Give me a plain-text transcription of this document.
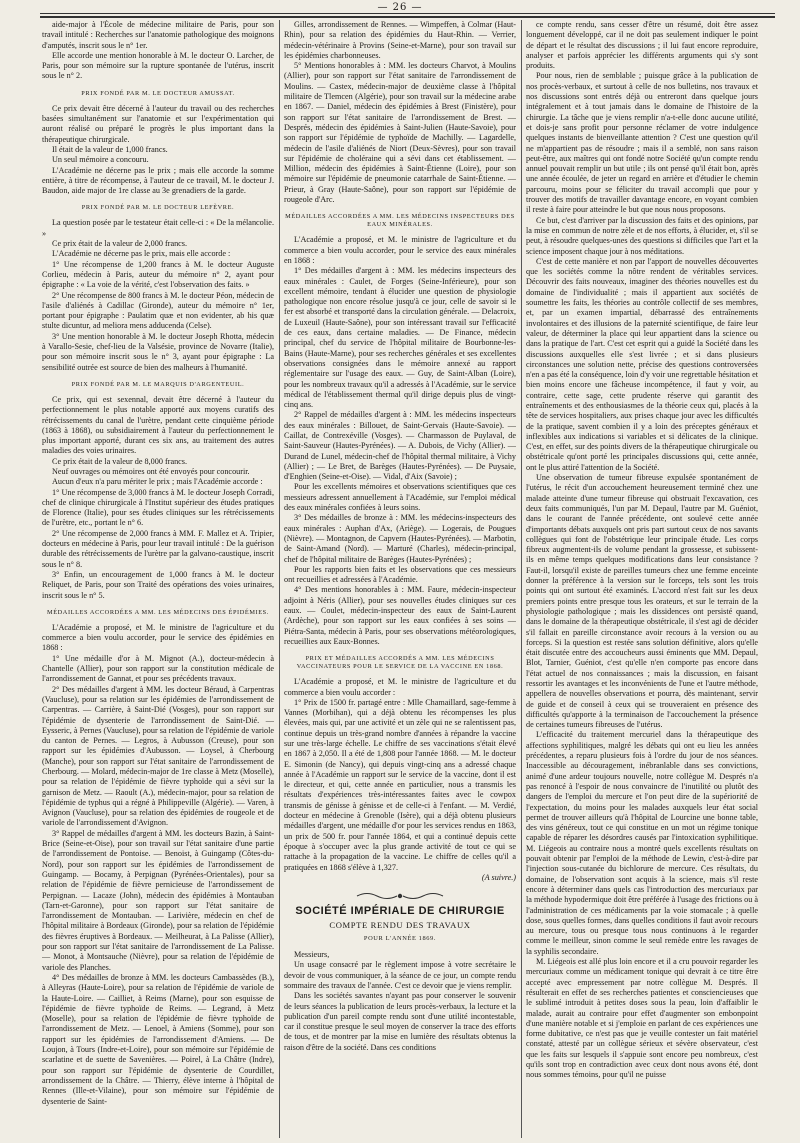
— 26 —

aide-major à l'École de médecine militaire de Paris, pour son travail intitulé : Recherches sur l'anatomie pathologique des moignons d'amputés, inscrit sous le n° 1er.

Elle accorde une mention honorable à M. le docteur O. Larcher, de Paris, pour son mémoire sur la rupture spontanée de l'utérus, inscrit sous le n° 2.

PRIX FONDÉ PAR M. LE DOCTEUR AMUSSAT.

Ce prix devait être décerné à l'auteur du travail ou des recherches basées simultanément sur l'anatomie et sur l'expérimentation qui auront réalisé ou préparé le progrès le plus important dans la thérapeutique chirurgicale.

Il était de la valeur de 1,000 francs.

Un seul mémoire a concouru.

L'Académie ne décerne pas le prix ; mais elle accorde la somme entière, à titre de récompense, à l'auteur de ce travail, M. le docteur J. Baudon, aide major de 1re classe au 3e grenadiers de la garde.

PRIX FONDÉ PAR M. LE DOCTEUR LEFÈVRE.

La question posée par le testateur était celle-ci : « De la mélancolie. »

Ce prix était de la valeur de 2,000 francs.

L'Académie ne décerne pas le prix, mais elle accorde :

1° Une récompense de 1,200 francs à M. le docteur Auguste Corlieu, médecin à Paris, auteur du mémoire n° 2, ayant pour épigraphe : « La voie de la vérité, c'est l'observation des faits. »

2° Une récompense de 800 francs à M. le docteur Péon, médecin de l'asile d'aliénés à Cadillac (Gironde), auteur du mémoire n° 1er, portant pour épigraphe : Paulatim quæ et non evidenter, ab his quæ stulte dicuntur, ad meliora mens adducenda (Celse).

3° Une mention honorable à M. le docteur Joseph Rhotta, médecin à Varallo-Sesie, chef-lieu de la Valsésie, province de Novarre (Italie), pour son mémoire inscrit sous le n° 3, ayant pour épigraphe : La sensibilité outrée est source de bien des malheurs à l'humanité.

PRIX FONDÉ PAR M. LE MARQUIS D'ARGENTEUIL.

Ce prix, qui est sexennal, devait être décerné à l'auteur du perfectionnement le plus notable apporté aux moyens curatifs des rétrécissements du canal de l'urètre, pendant cette cinquième période (1863 à 1868), ou subsidiairement à l'auteur du perfectionnement le plus important apporté, durant ces six ans, au traitement des autres maladies des voies urinaires.

Ce prix était de la valeur de 8,000 francs.

Neuf ouvrages ou mémoires ont été envoyés pour concourir.

Aucun d'eux n'a paru mériter le prix ; mais l'Académie accorde :

1° Une récompense de 3,000 francs à M. le docteur Joseph Corradi, chef de clinique chirurgicale à l'Institut supérieur des études pratiques de Florence (Italie), pour ses études cliniques sur les rétrécissements de l'urètre, etc., portant le n° 6.

2° Une récompense de 2,000 francs à MM. F. Mallez et A. Tripier, docteurs en médecine à Paris, pour leur travail intitulé : De la guérison durable des rétrécissements de l'urètre par la galvano-caustique, inscrit sous le n° 8.

3° Enfin, un encouragement de 1,000 francs à M. le docteur Reliquet, de Paris, pour son Traité des opérations des voies urinaires, inscrit sous le n° 5.

MÉDAILLES ACCORDÉES A MM. LES MÉDECINS DES ÉPIDÉMIES.

L'Académie a proposé, et M. le ministre de l'agriculture et du commerce a bien voulu accorder, pour le service des épidémies en 1868 :

1° Une médaille d'or à M. Mignot (A.), docteur-médecin à Chantelle (Allier), pour son rapport sur la constitution médicale de l'arrondissement de Gannat, et pour ses précédents travaux.

2° Des médailles d'argent à MM. les docteur Béraud, à Carpentras (Vaucluse), pour sa relation sur les épidémies de l'arrondissement de Carpentras. — Carrière, à Saint-Dié (Vosges), pour son rapport sur l'épidémie de dysenterie de l'arrondissement de Saint-Dié. — Eysseric, à Pernes (Vaucluse), pour sa relation de l'épidémie de variole du canton de Pernes. — Legros, à Aubusson (Creuse), pour son rapport sur les épidémies d'Aubusson. — Loysel, à Cherbourg (Manche), pour son rapport sur l'état sanitaire de l'arrondissement de Cherbourg. — Molard, médecin-major de 1re classe à Metz (Moselle), pour sa relation de l'épidémie de fièvre typhoïde qui a sévi sur la garnison de Metz. — Raoult (A.), médecin-major, pour sa relation de l'épidémie de typhus qui a régné à Philippeville (Algérie). — Varen, à Avignon (Vaucluse), pour sa relation des épidémies de rougeole et de variole de l'arrondissement d'Avignon.

3° Rappel de médailles d'argent à MM. les docteurs Bazin, à Saint-Brice (Seine-et-Oise), pour son travail sur l'état sanitaire d'une partie de l'arrondissement de Pontoise. — Benoist, à Guingamp (Côtes-du-Nord), pour son rapport sur les épidémies de l'arrondissement de Guingamp. — Bocamy, à Perpignan (Pyrénées-Orientales), pour sa relation de l'épidémie de fièvre pernicieuse de l'arrondissement de Perpignan. — Lacaze (John), médecin des épidémies à Montauban (Tarn-et-Garonne), pour son rapport sur l'état sanitaire de l'arrondissement de Montauban. — Larivière, médecin en chef de l'hôpital militaire à Bordeaux (Gironde), pour sa relation de l'épidémie des fièvres éruptives à Bordeaux. — Meilheurat, à La Palisse (Allier), pour son rapport sur l'état sanitaire de l'arrondissement de La Palisse. — Monot, à Montsauche (Nièvre), pour sa relation de l'épidémie de variole des Planches.

4° Des médailles de bronze à MM. les docteurs Cambassèdes (B.), à Alleyras (Haute-Loire), pour sa relation de l'épidémie de variole de la Haute-Loire. — Cailliet, à Reims (Marne), pour son esquisse de l'épidémie de fièvre typhoïde de Reims. — Legrand, à Metz (Moselle), pour sa relation de l'épidémie de fièvre typhoïde de l'arrondissement de Metz. — Lenoel, à Amiens (Somme), pour son rapport sur les épidémies de l'arrondissement d'Amiens. — De Loujon, à Tours (Indre-et-Loire), pour son mémoire sur l'épidémie de scarlatine et de suette de Savenières. — Poirel, à La Châtre (Indre), pour son rapport sur l'épidémie de dysenterie de Courdillet, arrondissement de la Châtre. — Thierry, élève interne à l'hôpital de Rennes (Ille-et-Vilaine), pour son mémoire sur l'épidémie de dysenterie de Saint-

Gilles, arrondissement de Rennes. — Wimpeffen, à Colmar (Haut-Rhin), pour sa relation des épidémies du Haut-Rhin. — Verrier, médecin-vétérinaire à Provins (Seine-et-Marne), pour son travail sur les épidémies charbonneuses.

5° Mentions honorables à : MM. les docteurs Charvot, à Moulins (Allier), pour son rapport sur l'état sanitaire de l'arrondissement de Moulins. — Castex, médecin-major de deuxième classe à l'hôpital militaire de Tlemcen (Algérie), pour son travail sur la médecine arabe en 1867. — Daniel, médecin des épidémies à Brest (Finistère), pour son rapport sur l'état sanitaire de l'arrondissement de Brest. — Després, médecin des épidémies à Saint-Julien (Haute-Savoie), pour son rapport sur l'épidémie de typhoïde de Machilly. — Lagardelle, médecin de l'asile d'aliénés de Niort (Deux-Sèvres), pour son travail sur l'épidémie de choléraine qui a sévi dans cet établissement. — Million, médecin des épidémies à Saint-Étienne (Loire), pour son mémoire sur l'épidémie de pneumonie catarrhale de Saint-Étienne. — Prieur, à Gray (Haute-Saône), pour son rapport sur l'épidémie de rougeole d'Arc.

MÉDAILLES ACCORDÉES A MM. LES MÉDECINS INSPECTEURS DES EAUX MINÉRALES.

L'Académie a proposé, et M. le ministre de l'agriculture et du commerce a bien voulu accorder, pour le service des eaux minérales en 1868 :

1° Des médailles d'argent à : MM. les médecins inspecteurs des eaux minérales : Caulet, de Forges (Seine-Inférieure), pour son excellent mémoire, tendant à élucider une question de physiologie pathologique non encore résolue jusqu'à ce jour, celle de savoir si le fer est absorbé et transporté dans la circulation générale. — Delacroix, de Luxeuil (Haute-Saône), pour son intéressant travail sur l'efficacité de ces eaux, dans certaine maladies. — De Finance, médecin principal, chef du service de l'hôpital militaire de Bourbonne-les-Bains (Haute-Marne), pour ses recherches générales et ses excellentes observations consignées dans le mémoire annexé au rapport réglementaire sur l'usage des eaux. — Guy, de Saint-Alban (Loire), pour les nombreux travaux qu'il a adressés à l'Académie, sur le service médical de l'établissement thermal qu'il dirige depuis plus de vingt-cinq ans.

2° Rappel de médailles d'argent à : MM. les médecins inspecteurs des eaux minérales : Billouet, de Saint-Gervais (Haute-Savoie). — Caillat, de Contrexéville (Vosges). — Charmasson de Puylaval, de Saint-Sauveur (Hautes-Pyrénées). — A. Dubois, de Vichy (Allier). — Durand de Lunel, médecin-chef de l'hôpital thermal militaire, à Vichy (Allier) ; — Le Bret, de Barèges (Hautes-Pyrénées). — De Puysaie, d'Enghien (Seine-et-Oise). — Vidal, d'Aix (Savoie) ;

Pour les excellents mémoires et observations scientifiques que ces messieurs adressent annuellement à l'Académie, sur l'emploi médical des eaux minérales confiées à leurs soins.

3° Des médailles de bronze à : MM. les médecins-inspecteurs des eaux minérales : Auphan d'Ax, (Ariège). — Logerais, de Pougues (Nièvre). — Montagnon, de Capvern (Hautes-Pyrénées). — Marbotin, de Saint-Amand (Nord). — Marturé (Charles), médecin-principal, chef de l'hôpital militaire de Barèges (Hautes-Pyrénées) ;

Pour les rapports bien faits et les observations que ces messieurs ont recueillies et adressées à l'Académie.

4° Des mentions honorables à : MM. Faure, médecin-inspecteur adjoint à Néris (Allier), pour ses nouvelles études cliniques sur ces eaux. — Coulet, médecin-inspecteur des eaux de Saint-Laurent (Ardèche), pour son rapport sur les eaux confiées à ses soins — Piétra-Santa, médecin à Paris, pour ses observations météorologiques, recueillies aux Eaux-Bonnes.

PRIX ET MÉDAILLES ACCORDÉS A MM. LES MÉDECINS VACCINATEURS POUR LE SERVICE DE LA VACCINE EN 1868.

L'Académie a proposé, et M. le ministre de l'agriculture et du commerce a bien voulu accorder :

1° Prix de 1500 fr. partagé entre : Mlle Chamaillard, sage-femme à Vannes (Morbihan), qui a déjà obtenu les récompenses les plus élevées, mais qui, par une activité et un zèle qui ne se ralentissent pas, continue depuis un très-grand nombre d'années à répandre la vaccine sur une très-large échelle. Le chiffre de ses vaccinations s'était élevé en 1867 à 2,050. Il a été de 1,808 pour l'année 1868. — M. le docteur E. Simonin (de Nancy), qui depuis vingt-cinq ans a adressé chaque année à l'Académie un rapport sur le service de la vaccine, dont il est le directeur, et qui, cette année en particulier, nous a transmis les résultats d'expériences très-intéressantes faites avec le cowpox transmis de génisse à génisse et de celle-ci à l'enfant. — M. Verdié, docteur en médecine à Grenoble (Isère), qui a déjà obtenu plusieurs médailles d'argent, une médaille d'or pour les services rendus en 1863, un prix de 500 fr. pour l'année 1864, et qui a continué depuis cette époque à s'occuper avec la plus grande activité de tout ce qui se rattache à la propagation de la vaccine. Le chiffre de celles qu'il a pratiquées en 1868 s'élève à 1,327.

(A suivre.)

SOCIÉTÉ IMPÉRIALE DE CHIRURGIE
COMPTE RENDU DES TRAVAUX

POUR L'ANNÉE 1869.

Messieurs,

Un usage consacré par le règlement impose à votre secrétaire le devoir de vous communiquer, à la séance de ce jour, un compte rendu sommaire des travaux de l'année. C'est ce devoir que je viens remplir.

Dans les sociétés savantes n'ayant pas pour conserver le souvenir de leurs séances la publication de leurs procès-verbaux, la lecture et la publication d'un pareil compte rendu sont d'une utilité incontestable, car il constitue presque le seul moyen de conserver la trace des efforts de tous, et de montrer par la mise en lumière des résultats obtenus la raison d'être de la société. Dans ces conditions

ce compte rendu, sans cesser d'être un résumé, doit être assez longuement développé, car il ne doit pas seulement indiquer le point de départ et le résultat des discussions ; il lui faut encore reproduire, analyser et parfois apprécier les différents arguments qui s'y sont produits.

Pour nous, rien de semblable ; puisque grâce à la publication de nos procès-verbaux, et surtout à celle de nos bulletins, nos travaux et nos discussions sont entrés déjà ou entreront dans quelque jours intégralement et à tout jamais dans le domaine de l'histoire de la chirurgie. La tâche que je viens remplir n'a-t-elle donc aucune utilité, et dois-je sans profit pour personne réclamer de votre indulgence quelques instants de bienveillante attention ? C'est une question qu'il ne m'appartient pas de résoudre ; mais il a semblé, non sans raison peut-être, aux maîtres qui ont fondé notre Société qu'un compte rendu annuel pouvait remplir un but utile ; ils ont pensé qu'il était bon, après une année écoulée, de jeter un regard en arrière et d'étudier le chemin parcouru, moins pour se féliciter du travail accompli que pour y trouver des motifs de travailler davantage encore, en voyant combien il reste à faire pour atteindre le but que nous nous proposons.

Ce but, c'est d'arriver par la discussion des faits et des opinions, par la mise en commun de notre zèle et de nos efforts, à élucider, et, s'il se peut, à résoudre quelques-unes des questions si difficiles que l'art et la science imposent chaque jour à nos méditations.

C'est de cette manière et non par l'apport de nouvelles découvertes que les sociétés comme la nôtre rendent de véritables services. Découvrir des faits nouveaux, imaginer des théories nouvelles est du domaine de l'individualité ; mais il appartient aux sociétés de soumettre les faits, les théories au contrôle collectif de ses membres, et, par un examen impartial, débarrassé des entraînements involontaires et des illusions de la paternité scientifique, de faire leur valeur, de déterminer la place qui leur appartient dans la science ou dans la pratique de l'art. C'est cet esprit qui a guidé la Société dans les discussions auxquelles elle s'est livrée ; et si dans plusieurs circonstances une solution nette, précise des questions controversées n'en a pas été la conséquence, loin d'y voir une regrettable hésitation et bien moins encore une fâcheuse incompétence, il faut y voir, au contraire, cette sage, cette prudente réserve qui garantit des entraînements et des enthousiasmes de la théorie ceux qui, placés à la tête de services hospitaliers, aux prises chaque jour avec les difficultés de la pratique, savent combien il y a loin des préceptes généraux et inflexibles aux indications si variables et si délicates de la clinique. C'est, en effet, sur des points divers de la thérapeutique chirurgicale ou obstétricale qu'ont porté les principales discussions qui, cette année, ont le plus attiré l'attention de la Société.

Une observation de tumeur fibreuse expulsée spontanément de l'utérus, le récit d'un accouchement heureusement terminé chez une malade atteinte d'une tumeur fibreuse qui obstruait l'excavation, ces deux faits communiqués, l'un par M. Depaul, l'autre par M. Guéniot, dans le courant de l'année précédente, ont soulevé cette année d'importants débats auxquels ont pris part surtout ceux de nos savants collègues qui font de l'obstétrique leur principale étude. Les corps fibreux augmentent-ils de volume pendant la grossesse, et subissent-ils en même temps quelques modifications dans leur consistance ? Faut-il, lorsqu'il existe de pareilles tumeurs chez une femme enceinte donner la préférence à la version sur le forceps, tels sont les trois points qui ont surtout été examinés. L'accord n'est fait sur les deux premiers points entre presque tous les orateurs, et sur le terrain de la physiologie pathologique ; mais les dissidences ont persisté quand, dans le domaine de la thérapeutique obstétricale, il s'est agi de décider s'il fallait en pareille circonstance avoir recours à la version ou au forceps. Si la question est restée sans solution définitive, alors qu'elle était discutée entre des accoucheurs aussi éminents que MM. Depaul, Blot, Tarnier, Guéniot, c'est qu'elle n'en comporte pas encore dans l'état actuel de nos connaissances ; mais la discussion, en faisant ressortir les avantages et les inconvénients de l'une et l'autre méthode, appellera de nouvelles observations et pourra, dès maintenant, servir de guide et de conseil à ceux qui se trouveraient en présence des difficultés qu'apporte à la terminaison de l'accouchement la présence de certaines tumeurs fibreuses de l'utérus.

L'efficacité du traitement mercuriel dans la thérapeutique des affections syphilitiques, malgré les débats qui ont eu lieu les années précédentes, a reparu plusieurs fois à l'ordre du jour de nos séances. Inaccessible au découragement, inébranlable dans ses convictions, animé d'une ardeur toujours nouvelle, notre collègue M. Després n'a pas renoncé à l'espoir de nous convaincre de l'inutilité ou plutôt des dangers de l'emploi du mercure et l'on peut dire de la supériorité de l'expectation, du moins pour les malades auxquels leur état social permet de trouver ailleurs qu'à l'hôpital de Lourcine une bonne table, des vins généreux, tout ce qui constitue en un mot un régime tonique capable de réparer les désordres causés par l'intoxication syphilitique. M. Liégeois au contraire nous a montré quels excellents résultats on pouvait obtenir par l'emploi de la méthode de Lewin, c'est-à-dire par l'injection sous-cutanée du bichlorure de mercure. Ces résultats, du domaine, de l'observation sont acquis à la science, mais s'il reste encore à déterminer dans quels cas l'introduction des mercuriaux par la méthode hypodermique doit être préférée à l'usage des frictions ou à l'administration de ces médicaments par la voie stomacale ; à quelle dose, sous quelles formes, dans quelles conditions il faut avoir recours au mercure, tous ou presque tous nous continuons à le regarder comme le meilleur, sinon comme le seul remède entre les ravages de la syphilis secondaire.

M. Liégeois est allé plus loin encore et il a cru pouvoir regarder les mercuriaux comme un médicament tonique qui devrait à ce titre être accepté avec empressement par notre collègue M. Després. Il résulterait en effet de ses recherches patientes et consciencieuses que le sublimé introduit à petites doses sous la peau, loin d'affaiblir le malade, aurait au contraire pour effet d'augmenter son embonpoint d'une manière notable et si j'emploie en parlant de ces expériences une forme dubitative, ce n'est pas que je veuille contester un fait matériel constaté, attesté par un collègue sérieux et sévère observateur, c'est que les faits sur lesquels il s'appuie sont encore peu nombreux, c'est qu'ils sont trop en contradiction avec ceux dont nous avons été, dont nous sommes témoins, pour qu'il ne puisse
